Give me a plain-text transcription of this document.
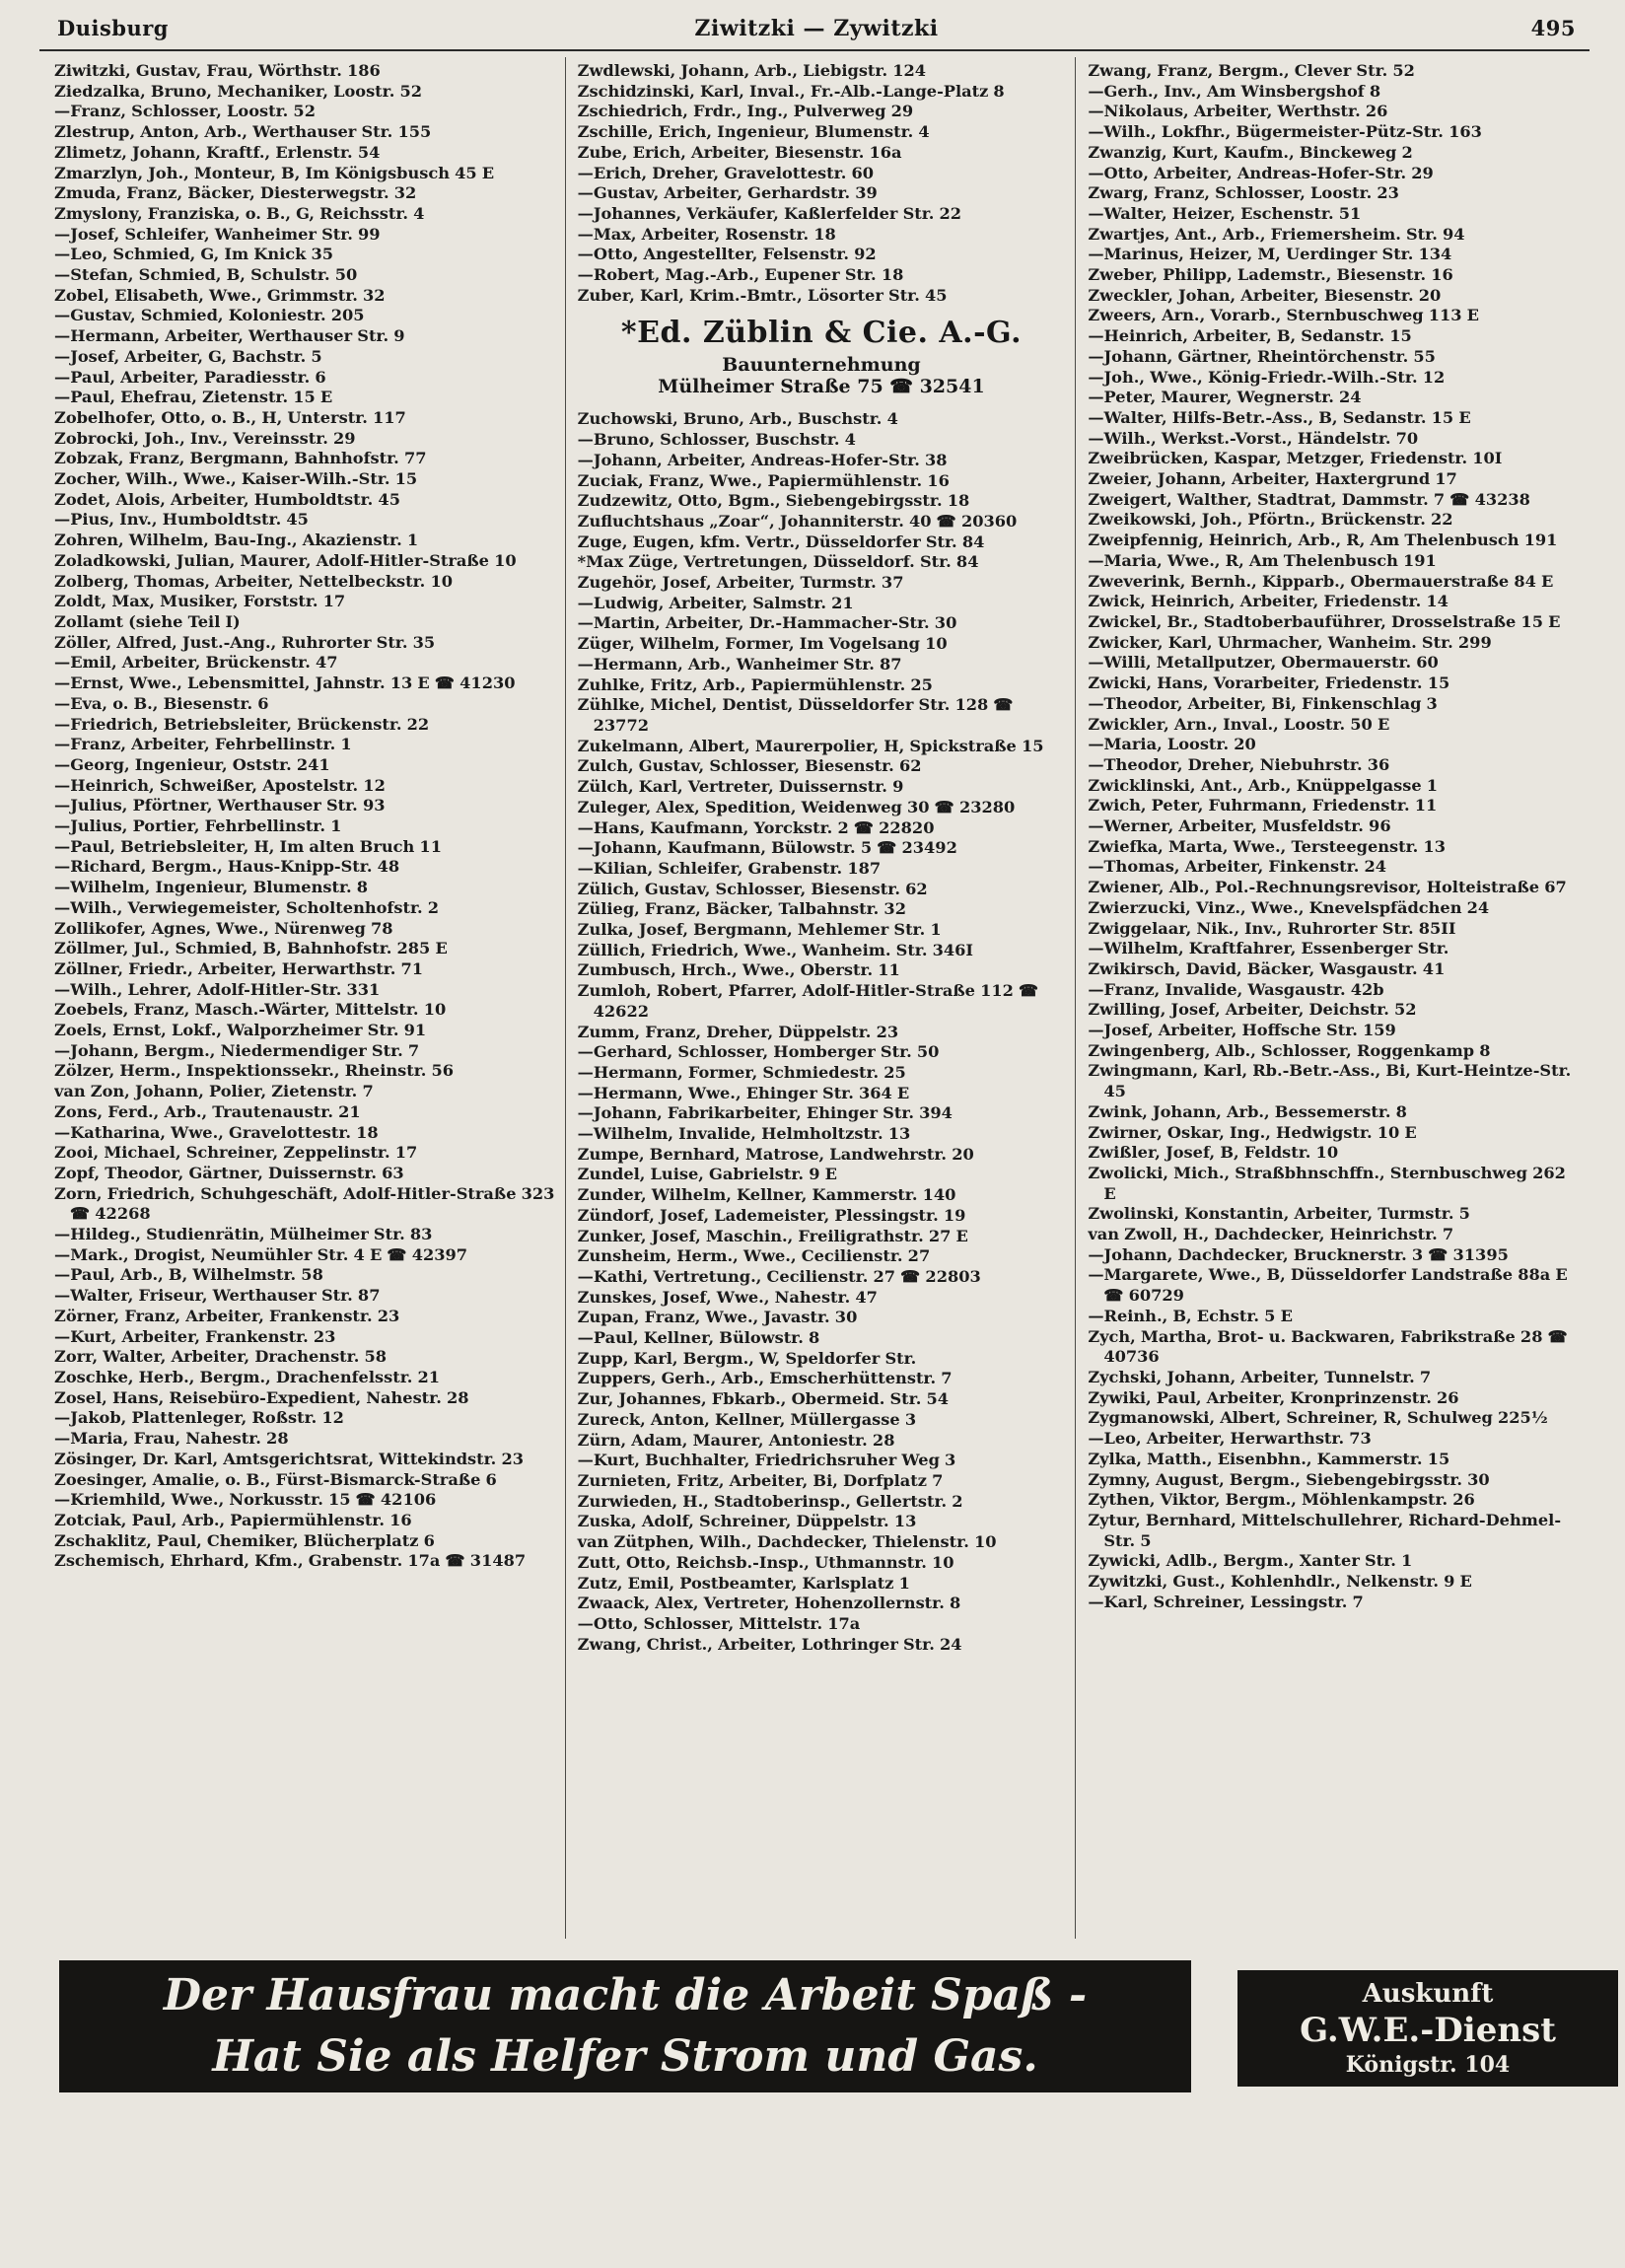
Duisburg	Ziwitzki — Zywitzki	495
Ziwitzki, Gustav, Frau, Wörthstr. 186
Ziedzalka, Bruno, Mechaniker, Loostr. 52
—Franz, Schlosser, Loostr. 52
Zlestrup, Anton, Arb., Werthauser Str. 155
Zlimetz, Johann, Kraftf., Erlenstr. 54
Zmarzlyn, Joh., Monteur, B, Im Königsbusch 45 E
Zmuda, Franz, Bäcker, Diesterwegstr. 32
Zmyslony, Franziska, o. B., G, Reichsstr. 4
—Josef, Schleifer, Wanheimer Str. 99
—Leo, Schmied, G, Im Knick 35
—Stefan, Schmied, B, Schulstr. 50
Zobel, Elisabeth, Wwe., Grimmstr. 32
—Gustav, Schmied, Koloniestr. 205
—Hermann, Arbeiter, Werthauser Str. 9
—Josef, Arbeiter, G, Bachstr. 5
—Paul, Arbeiter, Paradiesstr. 6
—Paul, Ehefrau, Zietenstr. 15 E
Zobelhofer, Otto, o. B., H, Unterstr. 117
Zobrocki, Joh., Inv., Vereinsstr. 29
Zobzak, Franz, Bergmann, Bahnhofstr. 77
Zocher, Wilh., Wwe., Kaiser-Wilh.-Str. 15
Zodet, Alois, Arbeiter, Humboldtstr. 45
—Pius, Inv., Humboldtstr. 45
Zohren, Wilhelm, Bau-Ing., Akazienstr. 1
Zoladkowski, Julian, Maurer, Adolf-Hitler-Straße 10
Zolberg, Thomas, Arbeiter, Nettelbeckstr. 10
Zoldt, Max, Musiker, Forststr. 17
Zollamt (siehe Teil I)
Zöller, Alfred, Just.-Ang., Ruhrorter Str. 35
—Emil, Arbeiter, Brückenstr. 47
—Ernst, Wwe., Lebensmittel, Jahnstr. 13 E ☎ 41230
—Eva, o. B., Biesenstr. 6
—Friedrich, Betriebsleiter, Brückenstr. 22
—Franz, Arbeiter, Fehrbellinstr. 1
—Georg, Ingenieur, Oststr. 241
—Heinrich, Schweißer, Apostelstr. 12
—Julius, Pförtner, Werthauser Str. 93
—Julius, Portier, Fehrbellinstr. 1
—Paul, Betriebsleiter, H, Im alten Bruch 11
—Richard, Bergm., Haus-Knipp-Str. 48
—Wilhelm, Ingenieur, Blumenstr. 8
—Wilh., Verwiegemeister, Scholtenhofstr. 2
Zollikofer, Agnes, Wwe., Nürenweg 78
Zöllmer, Jul., Schmied, B, Bahnhofstr. 285 E
Zöllner, Friedr., Arbeiter, Herwarthstr. 71
—Wilh., Lehrer, Adolf-Hitler-Str. 331
Zoebels, Franz, Masch.-Wärter, Mittelstr. 10
Zoels, Ernst, Lokf., Walporzheimer Str. 91
—Johann, Bergm., Niedermendiger Str. 7
Zölzer, Herm., Inspektionssekr., Rheinstr. 56
van Zon, Johann, Polier, Zietenstr. 7
Zons, Ferd., Arb., Trautenaustr. 21
—Katharina, Wwe., Gravelottestr. 18
Zooi, Michael, Schreiner, Zeppelinstr. 17
Zopf, Theodor, Gärtner, Duissernstr. 63
Zorn, Friedrich, Schuhgeschäft, Adolf-Hitler-Straße 323 ☎ 42268
—Hildeg., Studienrätin, Mülheimer Str. 83
—Mark., Drogist, Neumühler Str. 4 E ☎ 42397
—Paul, Arb., B, Wilhelmstr. 58
—Walter, Friseur, Werthauser Str. 87
Zörner, Franz, Arbeiter, Frankenstr. 23
—Kurt, Arbeiter, Frankenstr. 23
Zorr, Walter, Arbeiter, Drachenstr. 58
Zoschke, Herb., Bergm., Drachenfelsstr. 21
Zosel, Hans, Reisebüro-Expedient, Nahestr. 28
—Jakob, Plattenleger, Roßstr. 12
—Maria, Frau, Nahestr. 28
Zösinger, Dr. Karl, Amtsgerichtsrat, Wittekindstr. 23
Zoesinger, Amalie, o. B., Fürst-Bismarck-Straße 6
—Kriemhild, Wwe., Norkusstr. 15 ☎ 42106
Zotciak, Paul, Arb., Papiermühlenstr. 16
Zschaklitz, Paul, Chemiker, Blücherplatz 6
Zschemisch, Ehrhard, Kfm., Grabenstr. 17a ☎ 31487
Zwdlewski, Johann, Arb., Liebigstr. 124
Zschidzinski, Karl, Inval., Fr.-Alb.-Lange-Platz 8
Zschiedrich, Frdr., Ing., Pulverweg 29
Zschille, Erich, Ingenieur, Blumenstr. 4
Zube, Erich, Arbeiter, Biesenstr. 16a
—Erich, Dreher, Gravelottestr. 60
—Gustav, Arbeiter, Gerhardstr. 39
—Johannes, Verkäufer, Kaßlerfelder Str. 22
—Max, Arbeiter, Rosenstr. 18
—Otto, Angestellter, Felsenstr. 92
—Robert, Mag.-Arb., Eupener Str. 18
Zuber, Karl, Krim.-Bmtr., Lösorter Str. 45
*Ed. Züblin & Cie. A.-G.
Bauunternehmung
Mülheimer Straße 75 ☎ 32541
Zuchowski, Bruno, Arb., Buschstr. 4
—Bruno, Schlosser, Buschstr. 4
—Johann, Arbeiter, Andreas-Hofer-Str. 38
Zuciak, Franz, Wwe., Papiermühlenstr. 16
Zudzewitz, Otto, Bgm., Siebengebirgsstr. 18
Zufluchtshaus „Zoar“, Johanniterstr. 40 ☎ 20360
Zuge, Eugen, kfm. Vertr., Düsseldorfer Str. 84
*Max Züge, Vertretungen, Düsseldorf. Str. 84
Zugehör, Josef, Arbeiter, Turmstr. 37
—Ludwig, Arbeiter, Salmstr. 21
—Martin, Arbeiter, Dr.-Hammacher-Str. 30
Züger, Wilhelm, Former, Im Vogelsang 10
—Hermann, Arb., Wanheimer Str. 87
Zuhlke, Fritz, Arb., Papiermühlenstr. 25
Zühlke, Michel, Dentist, Düsseldorfer Str. 128 ☎ 23772
Zukelmann, Albert, Maurerpolier, H, Spickstraße 15
Zulch, Gustav, Schlosser, Biesenstr. 62
Zülch, Karl, Vertreter, Duissernstr. 9
Zuleger, Alex, Spedition, Weidenweg 30 ☎ 23280
—Hans, Kaufmann, Yorckstr. 2 ☎ 22820
—Johann, Kaufmann, Bülowstr. 5 ☎ 23492
—Kilian, Schleifer, Grabenstr. 187
Zülich, Gustav, Schlosser, Biesenstr. 62
Zülieg, Franz, Bäcker, Talbahnstr. 32
Zulka, Josef, Bergmann, Mehlemer Str. 1
Züllich, Friedrich, Wwe., Wanheim. Str. 346I
Zumbusch, Hrch., Wwe., Oberstr. 11
Zumloh, Robert, Pfarrer, Adolf-Hitler-Straße 112 ☎ 42622
Zumm, Franz, Dreher, Düppelstr. 23
—Gerhard, Schlosser, Homberger Str. 50
—Hermann, Former, Schmiedestr. 25
—Hermann, Wwe., Ehinger Str. 364 E
—Johann, Fabrikarbeiter, Ehinger Str. 394
—Wilhelm, Invalide, Helmholtzstr. 13
Zumpe, Bernhard, Matrose, Landwehrstr. 20
Zundel, Luise, Gabrielstr. 9 E
Zunder, Wilhelm, Kellner, Kammerstr. 140
Zündorf, Josef, Lademeister, Plessingstr. 19
Zunker, Josef, Maschin., Freiligrathstr. 27 E
Zunsheim, Herm., Wwe., Cecilienstr. 27
—Kathi, Vertretung., Cecilienstr. 27 ☎ 22803
Zunskes, Josef, Wwe., Nahestr. 47
Zupan, Franz, Wwe., Javastr. 30
—Paul, Kellner, Bülowstr. 8
Zupp, Karl, Bergm., W, Speldorfer Str.
Zuppers, Gerh., Arb., Emscherhüttenstr. 7
Zur, Johannes, Fbkarb., Obermeid. Str. 54
Zureck, Anton, Kellner, Müllergasse 3
Zürn, Adam, Maurer, Antoniestr. 28
—Kurt, Buchhalter, Friedrichsruher Weg 3
Zurnieten, Fritz, Arbeiter, Bi, Dorfplatz 7
Zurwieden, H., Stadtoberinsp., Gellertstr. 2
Zuska, Adolf, Schreiner, Düppelstr. 13
van Zütphen, Wilh., Dachdecker, Thielenstr. 10
Zutt, Otto, Reichsb.-Insp., Uthmannstr. 10
Zutz, Emil, Postbeamter, Karlsplatz 1
Zwaack, Alex, Vertreter, Hohenzollernstr. 8
—Otto, Schlosser, Mittelstr. 17a
Zwang, Christ., Arbeiter, Lothringer Str. 24
Zwang, Franz, Bergm., Clever Str. 52
—Gerh., Inv., Am Winsbergshof 8
—Nikolaus, Arbeiter, Werthstr. 26
—Wilh., Lokfhr., Bügermeister-Pütz-Str. 163
Zwanzig, Kurt, Kaufm., Binckeweg 2
—Otto, Arbeiter, Andreas-Hofer-Str. 29
Zwarg, Franz, Schlosser, Loostr. 23
—Walter, Heizer, Eschenstr. 51
Zwartjes, Ant., Arb., Friemersheim. Str. 94
—Marinus, Heizer, M, Uerdinger Str. 134
Zweber, Philipp, Lademstr., Biesenstr. 16
Zweckler, Johan, Arbeiter, Biesenstr. 20
Zweers, Arn., Vorarb., Sternbuschweg 113 E
—Heinrich, Arbeiter, B, Sedanstr. 15
—Johann, Gärtner, Rheintörchenstr. 55
—Joh., Wwe., König-Friedr.-Wilh.-Str. 12
—Peter, Maurer, Wegnerstr. 24
—Walter, Hilfs-Betr.-Ass., B, Sedanstr. 15 E
—Wilh., Werkst.-Vorst., Händelstr. 70
Zweibrücken, Kaspar, Metzger, Friedenstr. 10I
Zweier, Johann, Arbeiter, Haxtergrund 17
Zweigert, Walther, Stadtrat, Dammstr. 7 ☎ 43238
Zweikowski, Joh., Pförtn., Brückenstr. 22
Zweipfennig, Heinrich, Arb., R, Am Thelenbusch 191
—Maria, Wwe., R, Am Thelenbusch 191
Zweverink, Bernh., Kipparb., Obermauerstraße 84 E
Zwick, Heinrich, Arbeiter, Friedenstr. 14
Zwickel, Br., Stadtoberbauführer, Drosselstraße 15 E
Zwicker, Karl, Uhrmacher, Wanheim. Str. 299
—Willi, Metallputzer, Obermauerstr. 60
Zwicki, Hans, Vorarbeiter, Friedenstr. 15
—Theodor, Arbeiter, Bi, Finkenschlag 3
Zwickler, Arn., Inval., Loostr. 50 E
—Maria, Loostr. 20
—Theodor, Dreher, Niebuhrstr. 36
Zwicklinski, Ant., Arb., Knüppelgasse 1
Zwich, Peter, Fuhrmann, Friedenstr. 11
—Werner, Arbeiter, Musfeldstr. 96
Zwiefka, Marta, Wwe., Tersteegenstr. 13
—Thomas, Arbeiter, Finkenstr. 24
Zwiener, Alb., Pol.-Rechnungsrevisor, Holteistraße 67
Zwierzucki, Vinz., Wwe., Knevelspfädchen 24
Zwiggelaar, Nik., Inv., Ruhrorter Str. 85II
—Wilhelm, Kraftfahrer, Essenberger Str.
Zwikirsch, David, Bäcker, Wasgaustr. 41
—Franz, Invalide, Wasgaustr. 42b
Zwilling, Josef, Arbeiter, Deichstr. 52
—Josef, Arbeiter, Hoffsche Str. 159
Zwingenberg, Alb., Schlosser, Roggenkamp 8
Zwingmann, Karl, Rb.-Betr.-Ass., Bi, Kurt-Heintze-Str. 45
Zwink, Johann, Arb., Bessemerstr. 8
Zwirner, Oskar, Ing., Hedwigstr. 10 E
Zwißler, Josef, B, Feldstr. 10
Zwolicki, Mich., Straßbhnschffn., Sternbuschweg 262 E
Zwolinski, Konstantin, Arbeiter, Turmstr. 5
van Zwoll, H., Dachdecker, Heinrichstr. 7
—Johann, Dachdecker, Brucknerstr. 3 ☎ 31395
—Margarete, Wwe., B, Düsseldorfer Landstraße 88a E ☎ 60729
—Reinh., B, Echstr. 5 E
Zych, Martha, Brot- u. Backwaren, Fabrikstraße 28 ☎ 40736
Zychski, Johann, Arbeiter, Tunnelstr. 7
Zywiki, Paul, Arbeiter, Kronprinzenstr. 26
Zygmanowski, Albert, Schreiner, R, Schulweg 225½
—Leo, Arbeiter, Herwarthstr. 73
Zylka, Matth., Eisenbhn., Kammerstr. 15
Zymny, August, Bergm., Siebengebirgsstr. 30
Zythen, Viktor, Bergm., Möhlenkampstr. 26
Zytur, Bernhard, Mittelschullehrer, Richard-Dehmel-Str. 5
Zywicki, Adlb., Bergm., Xanter Str. 1
Zywitzki, Gust., Kohlenhdlr., Nelkenstr. 9 E
—Karl, Schreiner, Lessingstr. 7
Der Hausfrau macht die Arbeit Spaß -
Hat Sie als Helfer Strom und Gas.
Auskunft
G.W.E.-Dienst
Königstr. 104
